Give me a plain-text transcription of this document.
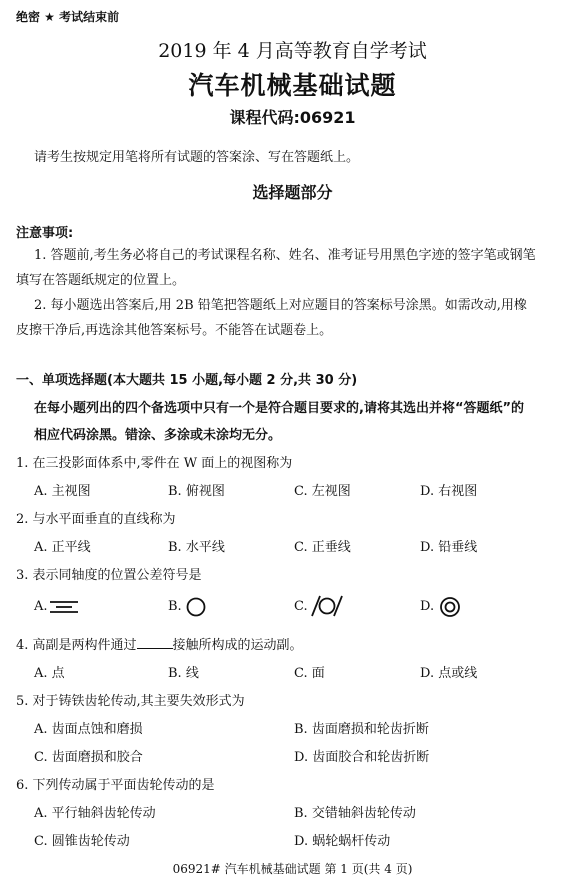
绝密 ★ 考试结束前
2019 年 4 月高等教育自学考试
汽车机械基础试题
课程代码:06921
请考生按规定用笔将所有试题的答案涂、写在答题纸上。
选择题部分
注意事项:
1. 答题前,考生务必将自己的考试课程名称、姓名、准考证号用黑色字迹的签字笔或钢笔
填写在答题纸规定的位置上。
2. 每小题选出答案后,用 2B 铅笔把答题纸上对应题目的答案标号涂黑。如需改动,用橡
皮擦干净后,再选涂其他答案标号。不能答在试题卷上。
一、单项选择题(本大题共 15 小题,每小题 2 分,共 30 分)
在每小题列出的四个备选项中只有一个是符合题目要求的,请将其选出并将“答题纸”的
相应代码涂黑。错涂、多涂或未涂均无分。
1. 在三投影面体系中,零件在 W 面上的视图称为
A. 主视图	B. 俯视图	C. 左视图	D. 右视图
2. 与水平面垂直的直线称为
A. 正平线	B. 水平线	C. 正垂线	D. 铅垂线
3. 表示同轴度的位置公差符号是
A.	B.	C.	D.
4. 高副是两构件通过	接触所构成的运动副。
A. 点	B. 线	C. 面	D. 点或线
5. 对于铸铁齿轮传动,其主要失效形式为
A. 齿面点蚀和磨损	B. 齿面磨损和轮齿折断
C. 齿面磨损和胶合	D. 齿面胶合和轮齿折断
6. 下列传动属于平面齿轮传动的是
A. 平行轴斜齿轮传动	B. 交错轴斜齿轮传动
C. 圆锥齿轮传动	D. 蜗轮蜗杆传动
06921# 汽车机械基础试题 第 1 页(共 4 页)
